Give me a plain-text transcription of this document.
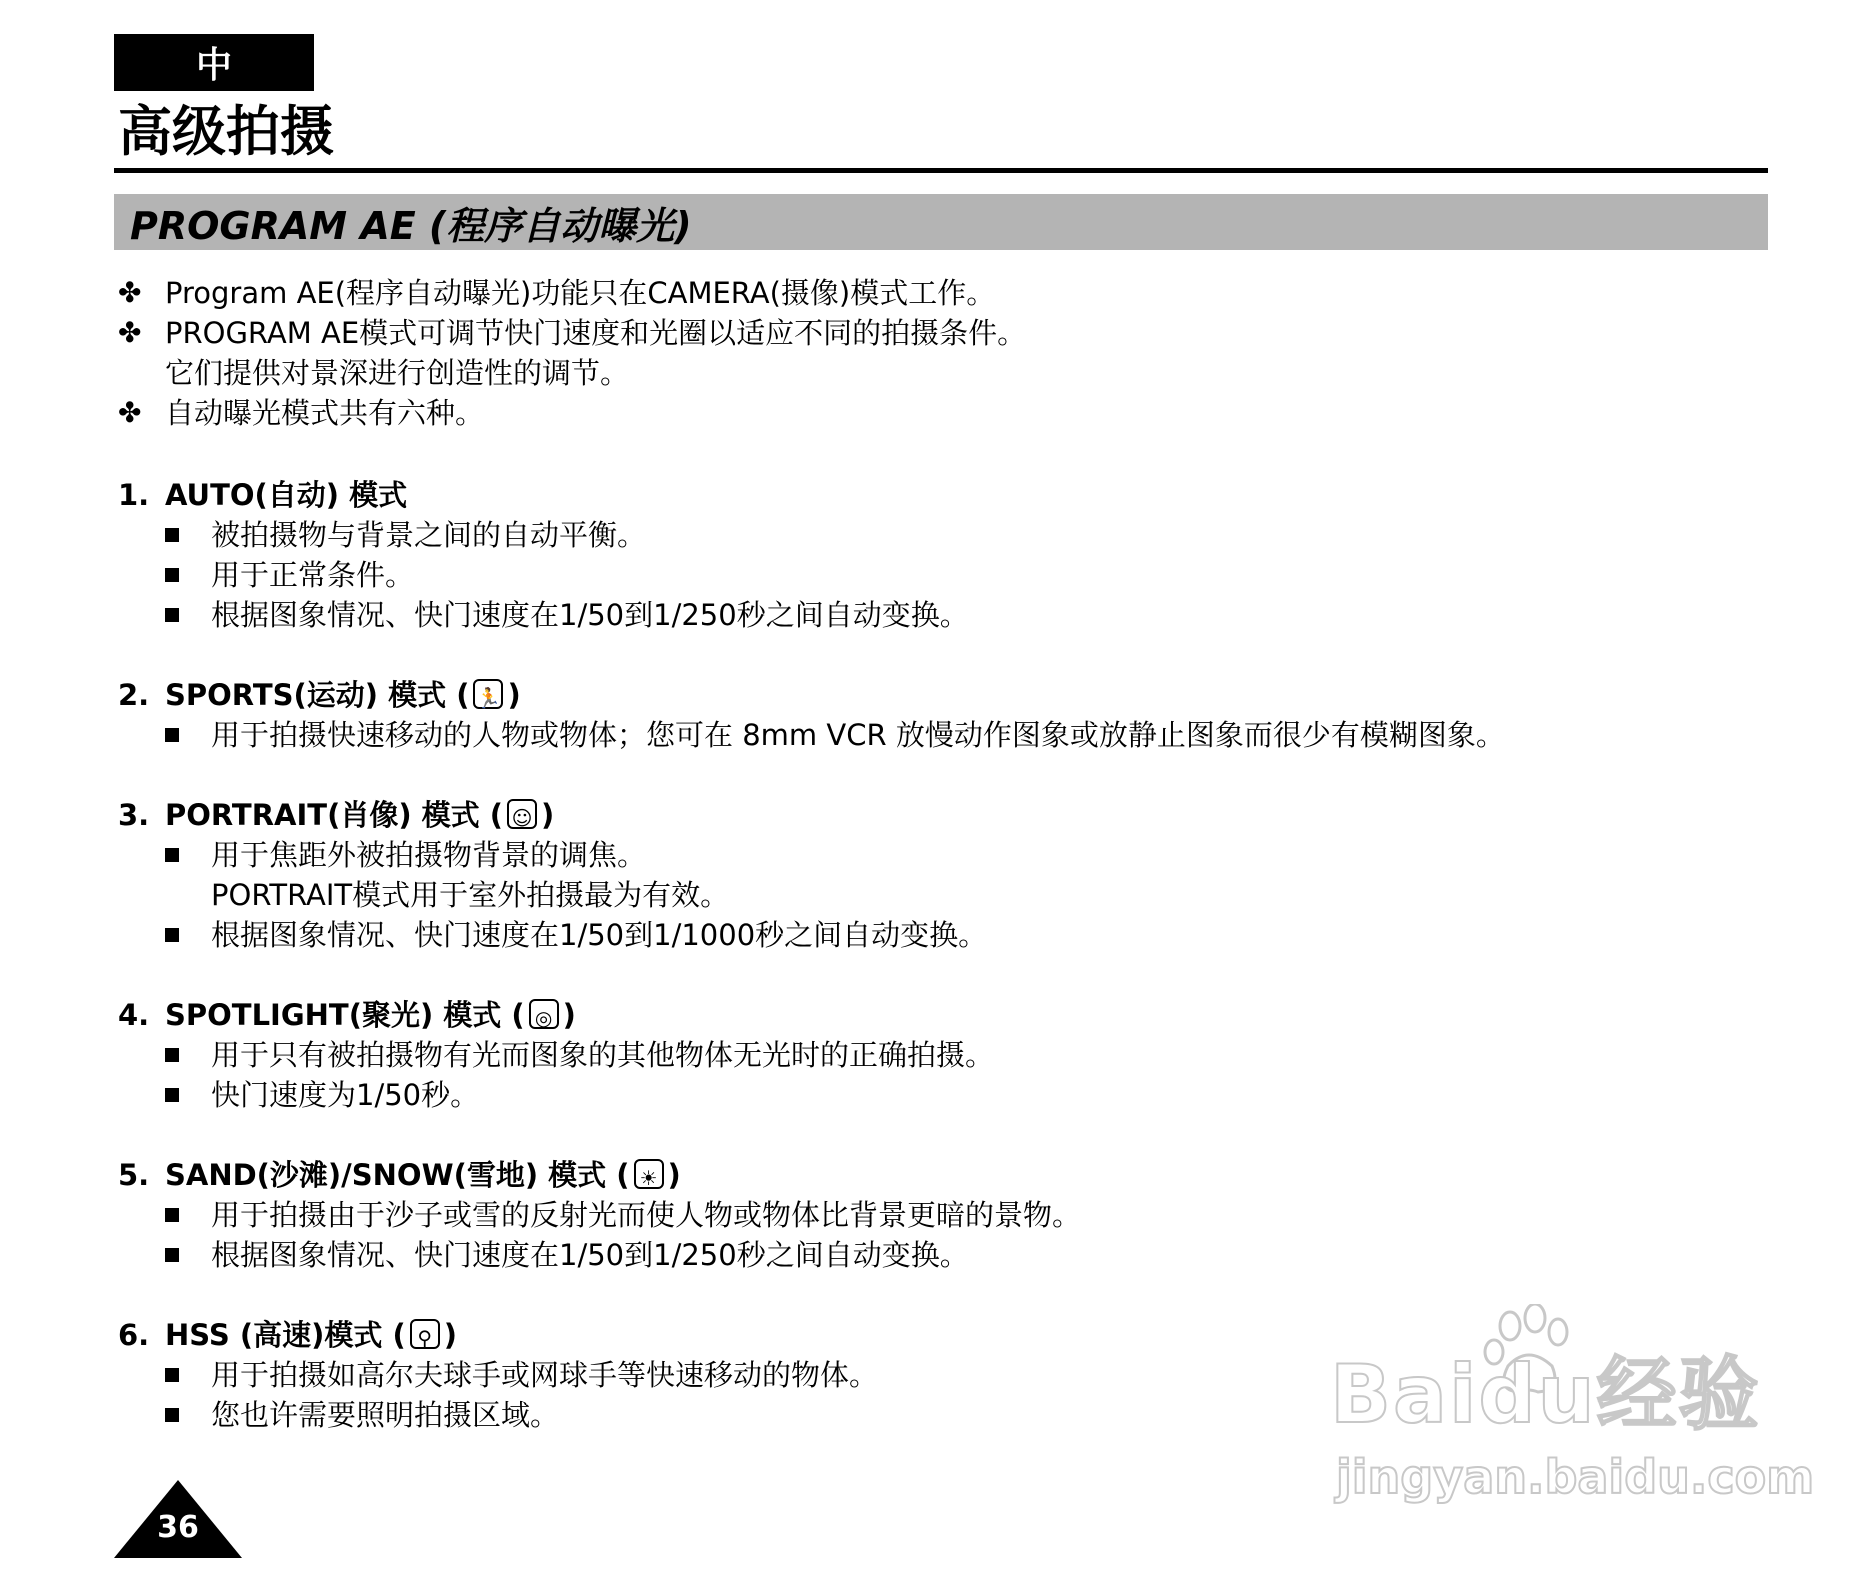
中
高级拍摄
PROGRAM AE (程序自动曝光)
✤ Program AE(程序自动曝光)功能只在CAMERA(摄像)模式工作。
✤ PROGRAM AE模式可调节快门速度和光圈以适应不同的拍摄条件。
它们提供对景深进行创造性的调节。
✤ 自动曝光模式共有六种。
1. AUTO(自动) 模式
被拍摄物与背景之间的自动平衡。
用于正常条件。
根据图象情况、快门速度在1/50到1/250秒之间自动变换。
2. SPORTS(运动) 模式 ( 🏃 )
用于拍摄快速移动的人物或物体；您可在 8mm VCR 放慢动作图象或放静止图象而很少有模糊图象。
3. PORTRAIT(肖像) 模式 ( ☺ )
用于焦距外被拍摄物背景的调焦。
PORTRAIT模式用于室外拍摄最为有效。
根据图象情况、快门速度在1/50到1/1000秒之间自动变换。
4. SPOTLIGHT(聚光) 模式 ( ◎ )
用于只有被拍摄物有光而图象的其他物体无光时的正确拍摄。
快门速度为1/50秒。
5. SAND(沙滩)/SNOW(雪地) 模式 ( ☀ )
用于拍摄由于沙子或雪的反射光而使人物或物体比背景更暗的景物。
根据图象情况、快门速度在1/50到1/250秒之间自动变换。
6. HSS (高速)模式 ( ⚲ )
用于拍摄如高尔夫球手或网球手等快速移动的物体。
您也许需要照明拍摄区域。
36
Baidu经验
jingyan.baidu.com
